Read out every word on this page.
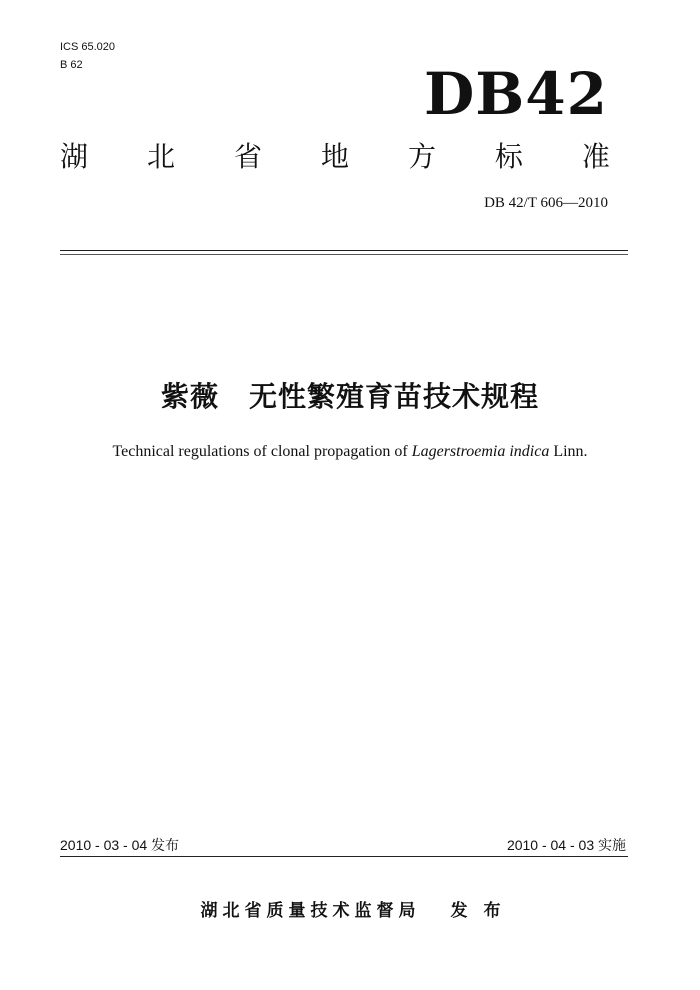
ICS 65.020
B 62	DB42
湖 北 省 地 方 标 准
DB 42/T 606—2010
紫薇 无性繁殖育苗技术规程
Technical regulations of clonal propagation of Lagerstroemia indica Linn.
2010 - 03 - 04 发布	2010 - 04 - 03 实施
湖北省质量技术监督局 发 布
